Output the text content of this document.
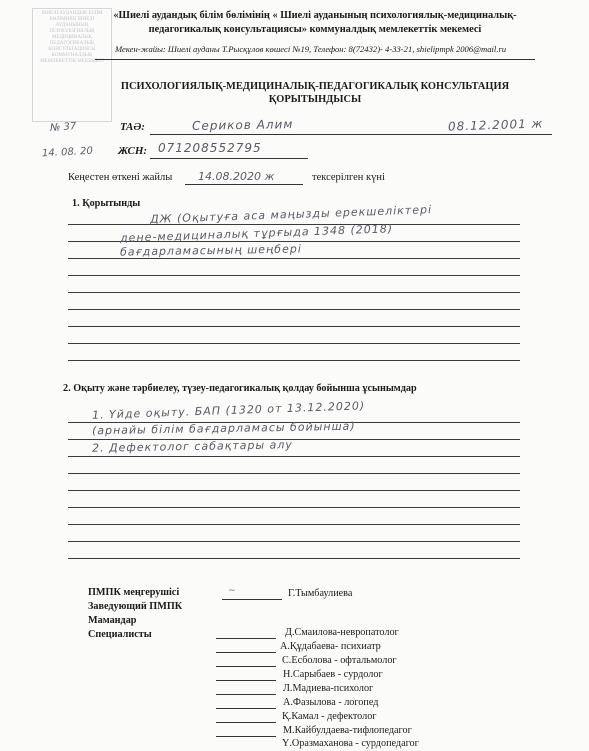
ШИЕЛІ АУДАНДЫҚ БІЛІМ БӨЛІМІНІҢ ШИЕЛІ АУДАНЫНЫҢ ПСИХОЛОГИЯЛЫҚ МЕДИЦИНАЛЫҚ ПЕДАГОГИКАЛЫҚ КОНСУЛЬТАЦИЯСЫ КОММУНАЛДЫҚ МЕМЛЕКЕТТІК МЕКЕМЕСІ
«Шиелі аудандық білім бөлімінің « Шиелі ауданының психологиялық-медициналық-
педагогикалық консультациясы» коммуналдық мемлекеттік мекемесі
Мекен-жайы: Шиелі ауданы Т.Рысқұлов көшесі №19, Телефон: 8(72432)- 4-33-21, shielipmpk 2006@mail.ru
ПСИХОЛОГИЯЛЫҚ-МЕДИЦИНАЛЫҚ-ПЕДАГОГИКАЛЫҚ КОНСУЛЬТАЦИЯ
ҚОРЫТЫНДЫСЫ
№ 37
14. 08. 20
ТАӘ:	Сериков Алим	08.12.2001 ж
ЖСН: 071208552795
Кеңестен өткені жайлы 14.08.2020 ж	тексерілген күні
1. Қорытынды ДЖ (Оқытуға аса маңызды ерекшеліктері
дене-медициналық тұрғыда 1348 (2018)
бағдарламасының шеңбері
2. Оқыту және тәрбиелеу, түзеу-педагогикалық қолдау бойынша ұсынымдар
1. Үйде оқыту. БАП (1320 от 13.12.2020)
(арнайы білім бағдарламасы бойынша)
2. Дефектолог сабақтары алу
ПМПК меңгерушісі
Заведующий ПМПК
Мамандар
Специалисты
~	Г.Тымбаулиева
Д.Смаилова-невропатолог
А.Құдабаева- психиатр
С.Есболова - офтальмолог
Н.Сарыбаев - сурдолог
Л.Мадиева-психолог
А.Фазылова - логопед
Қ.Камал - дефектолог
М.Кайбулдаева-тифлопедагог
Ү.Оразмаханова - сурдопедагог
